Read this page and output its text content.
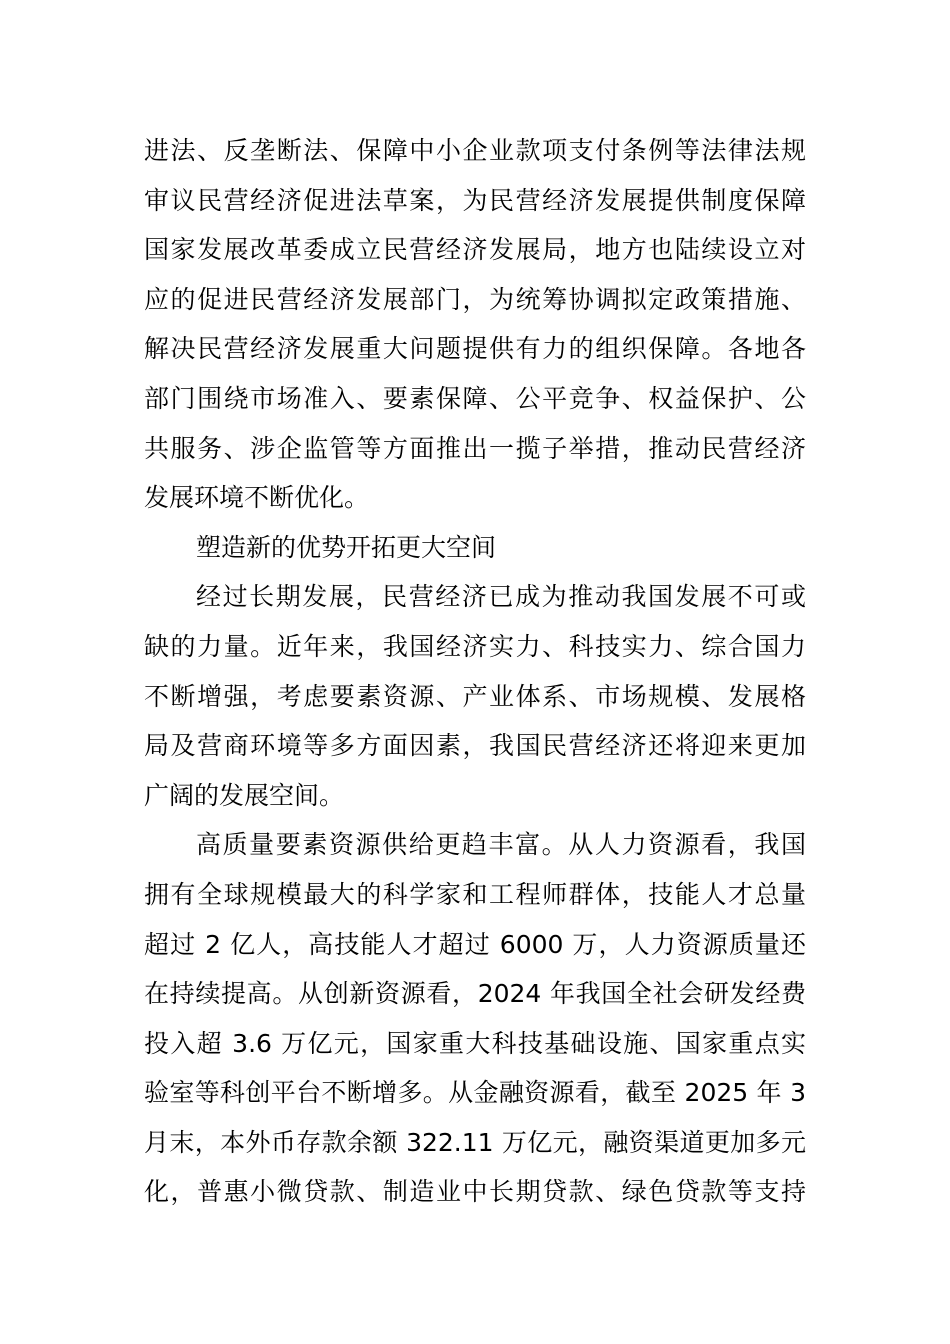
进法、反垄断法、保障中小企业款项支付条例等法律法规
审议民营经济促进法草案，为民营经济发展提供制度保障
国家发展改革委成立民营经济发展局，地方也陆续设立对
应的促进民营经济发展部门，为统筹协调拟定政策措施、
解决民营经济发展重大问题提供有力的组织保障。各地各
部门围绕市场准入、要素保障、公平竞争、权益保护、公
共服务、涉企监管等方面推出一揽子举措，推动民营经济
发展环境不断优化。
塑造新的优势开拓更大空间
经过长期发展，民营经济已成为推动我国发展不可或
缺的力量。近年来，我国经济实力、科技实力、综合国力
不断增强，考虑要素资源、产业体系、市场规模、发展格
局及营商环境等多方面因素，我国民营经济还将迎来更加
广阔的发展空间。
高质量要素资源供给更趋丰富。从人力资源看，我国
拥有全球规模最大的科学家和工程师群体，技能人才总量
超过 2 亿人，高技能人才超过 6000 万，人力资源质量还
在持续提高。从创新资源看，2024 年我国全社会研发经费
投入超 3.6 万亿元，国家重大科技基础设施、国家重点实
验室等科创平台不断增多。从金融资源看，截至 2025 年 3
月末，本外币存款余额 322.11 万亿元，融资渠道更加多元
化，普惠小微贷款、制造业中长期贷款、绿色贷款等支持
